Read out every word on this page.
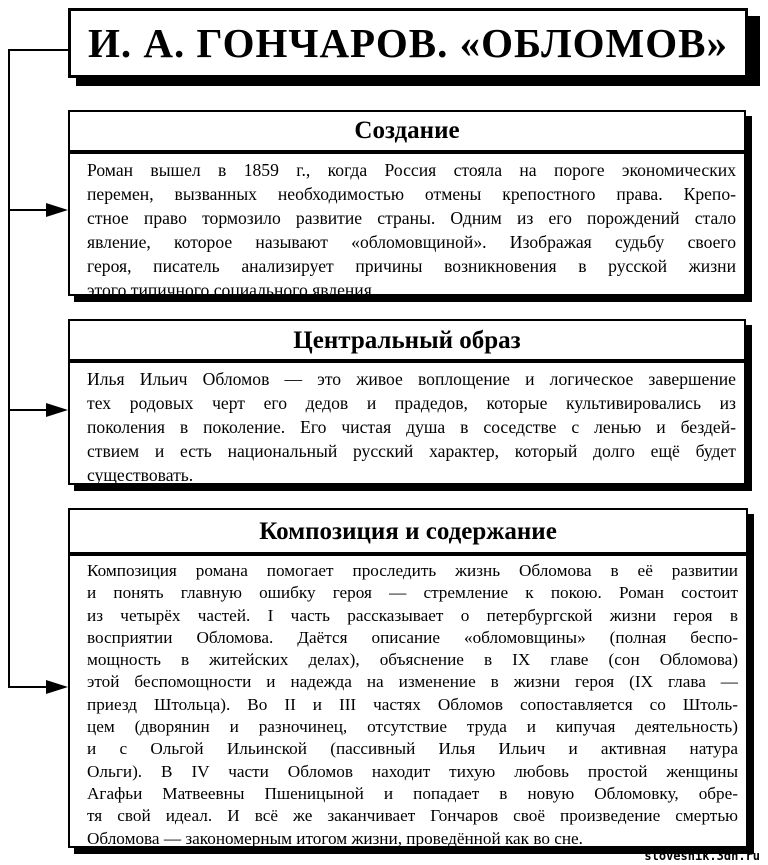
И. А. ГОНЧАРОВ. «ОБЛОМОВ»
Создание
Роман вышел в 1859 г., когда Россия стояла на пороге экономических
перемен, вызванных необходимостью отмены крепостного права. Крепо-
стное право тормозило развитие страны. Одним из его порождений стало
явление, которое называют «обломовщиной». Изображая судьбу своего
героя, писатель анализирует причины возникновения в русской жизни
этого типичного социального явления.
Центральный образ
Илья Ильич Обломов — это живое воплощение и логическое завершение
тех родовых черт его дедов и прадедов, которые культивировались из
поколения в поколение. Его чистая душа в соседстве с ленью и бездей-
ствием и есть национальный русский характер, который долго ещё будет
существовать.
Композиция и содержание
Композиция романа помогает проследить жизнь Обломова в её развитии
и понять главную ошибку героя — стремление к покою. Роман состоит
из четырёх частей. I часть рассказывает о петербургской жизни героя в
восприятии Обломова. Даётся описание «обломовщины» (полная беспо-
мощность в житейских делах), объяснение в IX главе (сон Обломова)
этой беспомощности и надежда на изменение в жизни героя (IX глава —
приезд Штольца). Во II и III частях Обломов сопоставляется со Штоль-
цем (дворянин и разночинец, отсутствие труда и кипучая деятельность)
и с Ольгой Ильинской (пассивный Илья Ильич и активная натура
Ольги). В IV части Обломов находит тихую любовь простой женщины
Агафьи Матвеевны Пшеницыной и попадает в новую Обломовку, обре-
тя свой идеал. И всё же заканчивает Гончаров своё произведение смертью
Обломова — закономерным итогом жизни, проведённой как во сне.
slovesnik.3dn.ru
